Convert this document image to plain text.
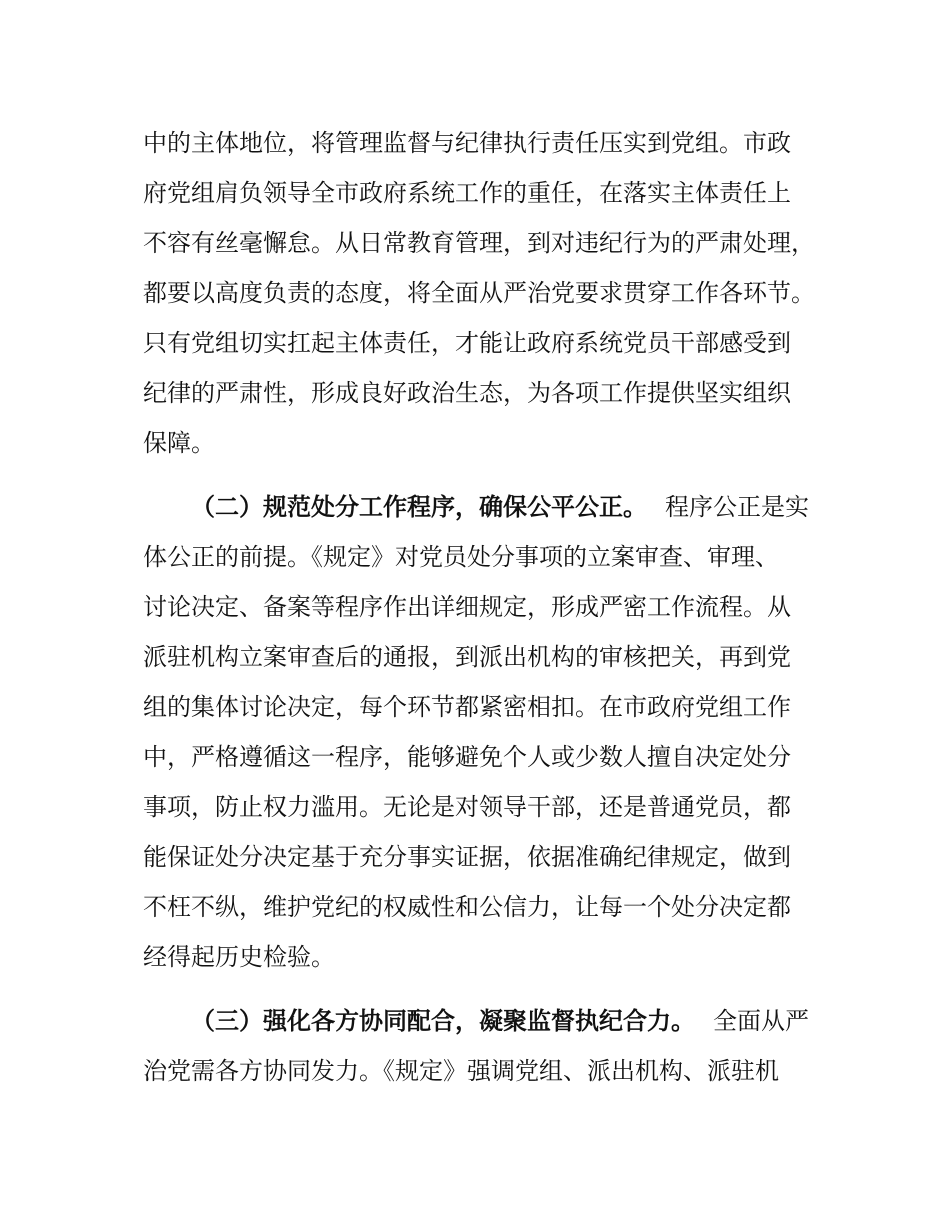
中的主体地位，将管理监督与纪律执行责任压实到党组。市政
府党组肩负领导全市政府系统工作的重任，在落实主体责任上
不容有丝毫懈怠。从日常教育管理，到对违纪行为的严肃处理，
都要以高度负责的态度，将全面从严治党要求贯穿工作各环节。
只有党组切实扛起主体责任，才能让政府系统党员干部感受到
纪律的严肃性，形成良好政治生态，为各项工作提供坚实组织
保障。
（二）规范处分工作程序，确保公平公正。 程序公正是实
体公正的前提。《规定》对党员处分事项的立案审查、审理、
讨论决定、备案等程序作出详细规定，形成严密工作流程。从
派驻机构立案审查后的通报，到派出机构的审核把关，再到党
组的集体讨论决定，每个环节都紧密相扣。在市政府党组工作
中，严格遵循这一程序，能够避免个人或少数人擅自决定处分
事项，防止权力滥用。无论是对领导干部，还是普通党员，都
能保证处分决定基于充分事实证据，依据准确纪律规定，做到
不枉不纵，维护党纪的权威性和公信力，让每一个处分决定都
经得起历史检验。
（三）强化各方协同配合，凝聚监督执纪合力。 全面从严
治党需各方协同发力。《规定》强调党组、派出机构、派驻机
